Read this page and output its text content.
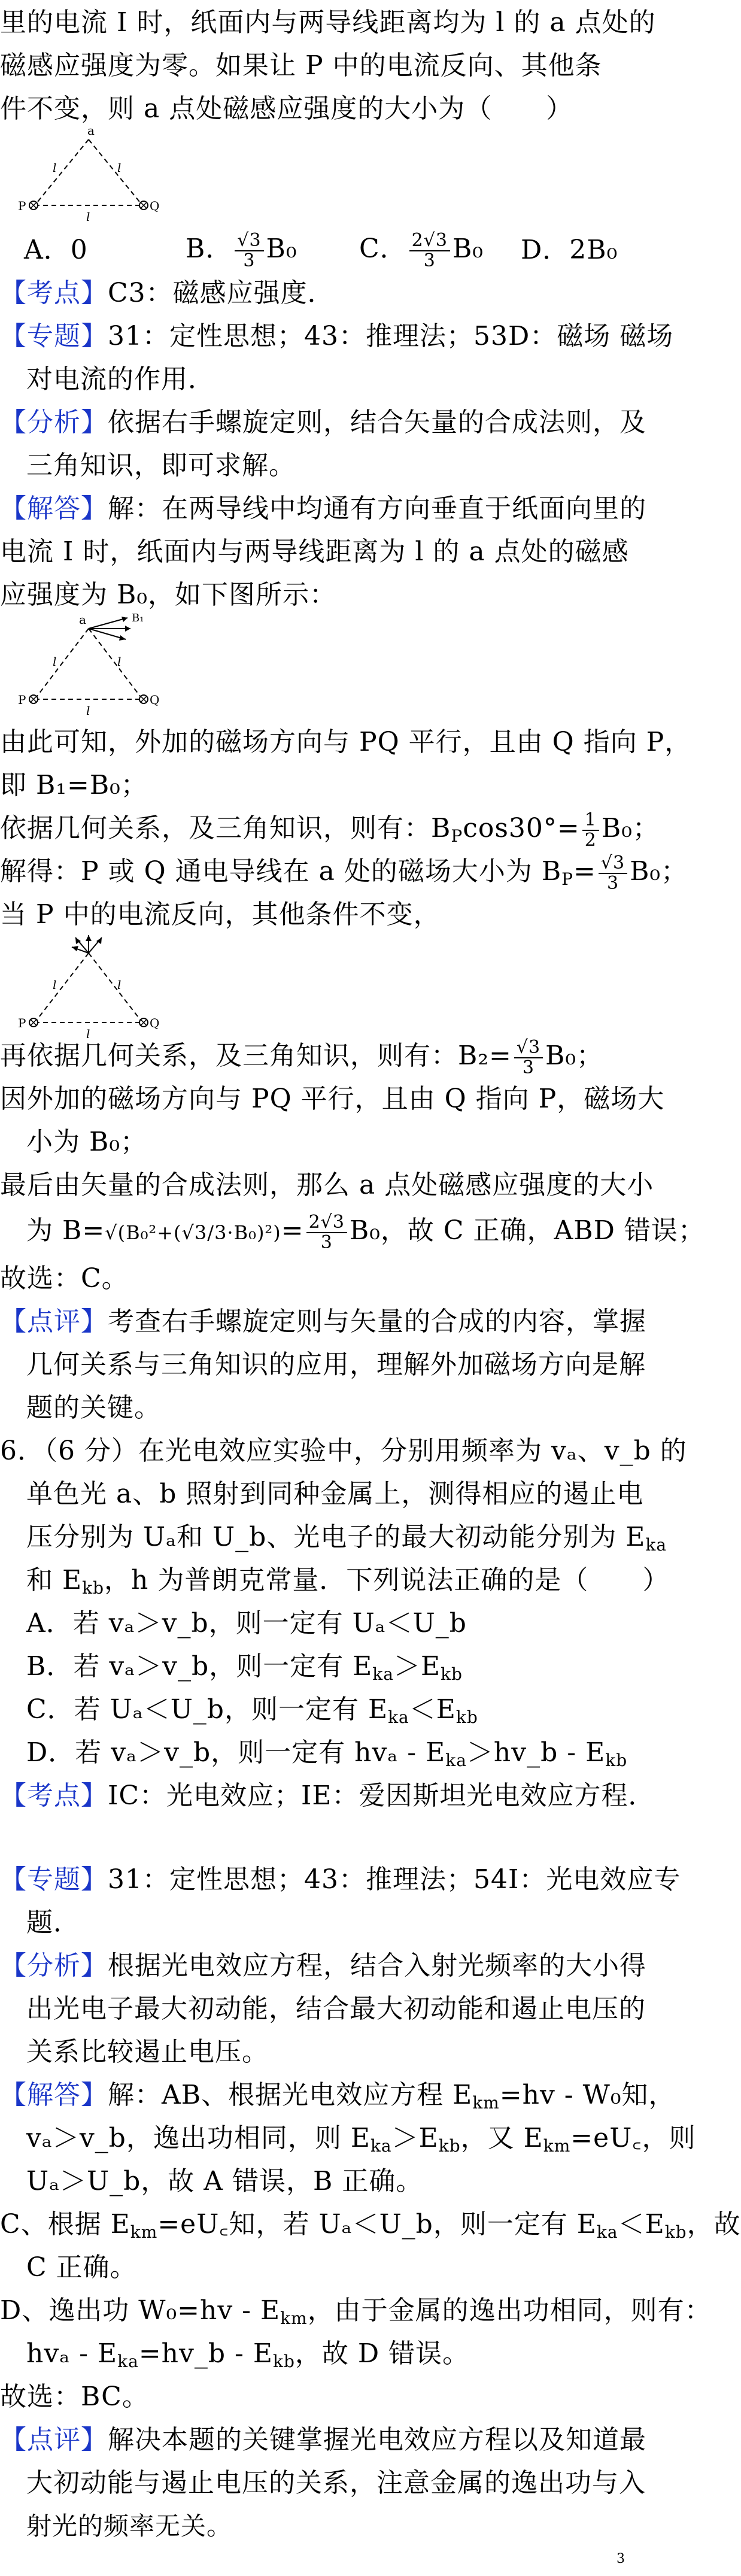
里的电流 I 时，纸面内与两导线距离均为 l 的 a 点处的
磁感应强度为零。如果让 P 中的电流反向、其他条
件不变，则 a 点处磁感应强度的大小为（　　）
a
P	Q
l	l
l
A．0	B． $\frac{√3}{3} B_0$	C． $\frac{2√3}{3} B_0$	D．2B₀
【考点】C3：磁感应强度．
【专题】31：定性思想；43：推理法；53D：磁场 磁场
对电流的作用．
【分析】依据右手螺旋定则，结合矢量的合成法则，及
三角知识，即可求解。
【解答】解：在两导线中均通有方向垂直于纸面向里的
电流 I 时，纸面内与两导线距离为 l 的 a 点处的磁感
应强度为 B₀，如下图所示：
a	B₁
P	Q
l	l
l
由此可知，外加的磁场方向与 PQ 平行，且由 Q 指向 P，
即 B₁=B₀；
依据几何关系，及三角知识，则有：$B_P\cos 30^\circ= \frac{1}{2} B_0$；
解得：P 或 Q 通电导线在 a 处的磁场大小为 $B_P= \frac{√3}{3} B_0$；
当 P 中的电流反向，其他条件不变，
P	Q
l	l
l
再依据几何关系，及三角知识，则有：$B_2= \frac{√3}{3} B_0$；
因外加的磁场方向与 PQ 平行，且由 Q 指向 P，磁场大
小为 B₀；
最后由矢量的合成法则，那么 a 点处磁感应强度的大小
为 $B=√(B_0^2+(√3/3\cdot B_0)^2)= \frac{2√3}{3} B_0$，故 C 正确，ABD 错误；
故选：C。
【点评】考查右手螺旋定则与矢量的合成的内容，掌握
几何关系与三角知识的应用，理解外加磁场方向是解
题的关键。
6．（6 分）在光电效应实验中，分别用频率为 vₐ、v_b 的
单色光 a、b 照射到同种金属上，测得相应的遏止电
压分别为 Uₐ和 U_b、光电子的最大初动能分别为 $E_{ka}$
和 $E_{kb}$，h 为普朗克常量．下列说法正确的是（　　）
A．若 vₐ＞v_b，则一定有 Uₐ＜U_b
B．若 vₐ＞v_b，则一定有 $E_{ka}>E_{kb}$
C．若 Uₐ＜U_b，则一定有 $E_{ka}<E_{kb}$
D．若 vₐ＞v_b，则一定有 $hv_a - E_{ka}>hv\_b - E_{kb}$
【考点】IC：光电效应；IE：爱因斯坦光电效应方程．
【专题】31：定性思想；43：推理法；54I：光电效应专
题．
【分析】根据光电效应方程，结合入射光频率的大小得
出光电子最大初动能，结合最大初动能和遏止电压的
关系比较遏止电压。
【解答】解：AB、根据光电效应方程 $E_{km}=hv - W_0$知，
vₐ＞v_b，逸出功相同，则 $E_{ka}>E_{kb}$，又 $E_{km}=eU꜀$，则
Uₐ＞U_b，故 A 错误，B 正确。
C、根据 $E_{km}=eU꜀$知，若 Uₐ＜U_b，则一定有 $E_{ka}<E_{kb}$，故
C 正确。
D、逸出功 $W_0=hv - E_{km}$，由于金属的逸出功相同，则有：
$hv_a - E_{ka}=hv\_b - E_{kb}$，故 D 错误。
故选：BC。
【点评】解决本题的关键掌握光电效应方程以及知道最
大初动能与遏止电压的关系，注意金属的逸出功与入
射光的频率无关。
3
